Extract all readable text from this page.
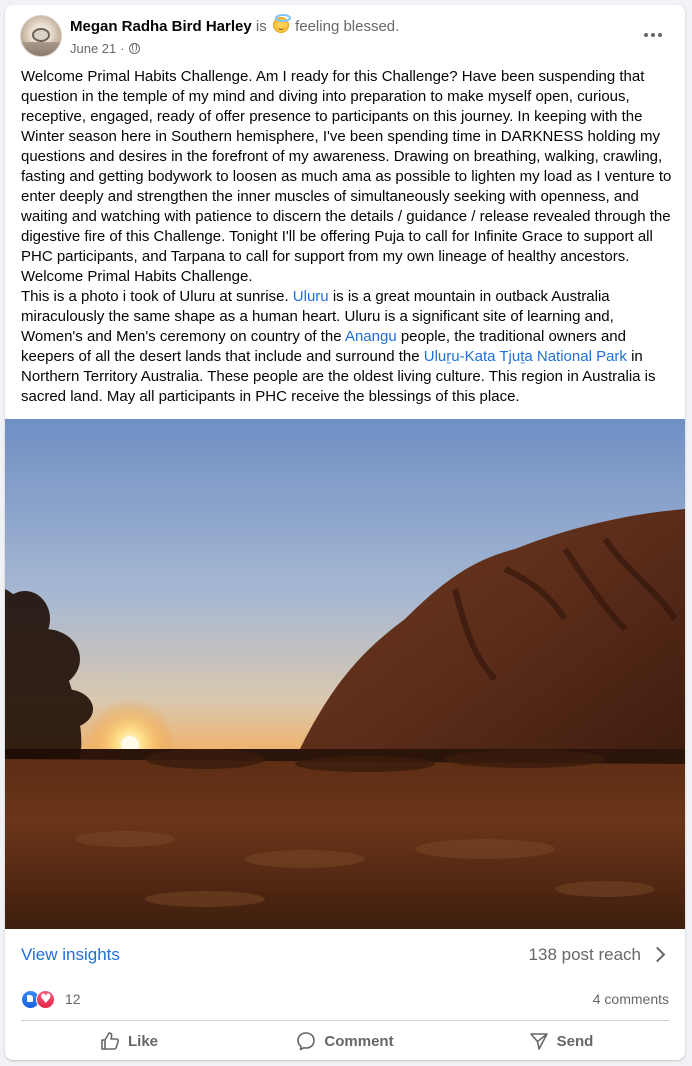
Megan Radha Bird Harley is feeling blessed.
June 21 ·

Welcome Primal Habits Challenge. Am I ready for this Challenge? Have been suspending that question in the temple of my mind and diving into preparation to make myself open, curious, receptive, engaged, ready of offer presence to participants on this journey. In keeping with the Winter season here in Southern hemisphere, I've been spending time in DARKNESS holding my questions and desires in the forefront of my awareness. Drawing on breathing, walking, crawling, fasting and getting bodywork to loosen as much ama as possible to lighten my load as I venture to enter deeply and strengthen the inner muscles of simultaneously seeking with openness, and waiting and watching with patience to discern the details / guidance / release revealed through the digestive fire of this Challenge. Tonight I'll be offering Puja to call for Infinite Grace to support all PHC participants, and Tarpana to call for support from my own lineage of healthy ancestors. Welcome Primal Habits Challenge.

This is a photo i took of Uluru at sunrise. Uluru is is a great mountain in outback Australia miraculously the same shape as a human heart. Uluru is a significant site of learning and, Women's and Men's ceremony on country of the Anangu people, the traditional owners and keepers of all the desert lands that include and surround the Uluṟu-Kata Tjuṯa National Park in Northern Territory Australia. These people are the oldest living culture. This region in Australia is sacred land. May all participants in PHC receive the blessings of this place.

View insights	138 post reach
♥
12	4 comments
Like	Comment	Send
